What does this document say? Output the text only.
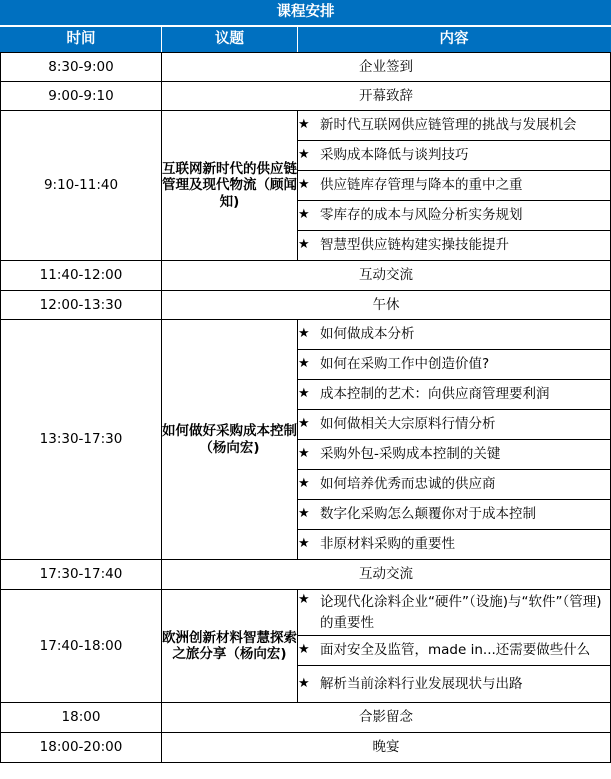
课程安排		
时间	议题	内容
8:30-9:00	企业签到	
9:00-9:10	开幕致辞	
9:10-11:40	互联网新时代的供应链管理及现代物流（顾闻知)	★ 新时代互联网供应链管理的挑战与发展机会

		★ 采购成本降低与谈判技巧

		★ 供应链库存管理与降本的重中之重

		★ 零库存的成本与风险分析实务规划

		★ 智慧型供应链构建实操技能提升

11:40-12:00	互动交流	
12:00-13:30	午休	
13:30-17:30	如何做好采购成本控制（杨向宏)	★ 如何做成本分析

		★ 如何在采购工作中创造价值?

		★ 成本控制的艺术：向供应商管理要利润

		★ 如何做相关大宗原料行情分析

		★ 采购外包-采购成本控制的关键

		★ 如何培养优秀而忠诚的供应商

		★ 数字化采购怎么颠覆你对于成本控制

		★ 非原材料采购的重要性

17:30-17:40	互动交流	
17:40-18:00	欧洲创新材料智慧探索之旅分享（杨向宏)	★ 论现代化涂料企业“硬件”（设施)与“软件”（管理)的重要性

		★ 面对安全及监管，made in...还需要做些什么

		★ 解析当前涂料行业发展现状与出路

18:00	合影留念	
18:00-20:00	晚宴	
